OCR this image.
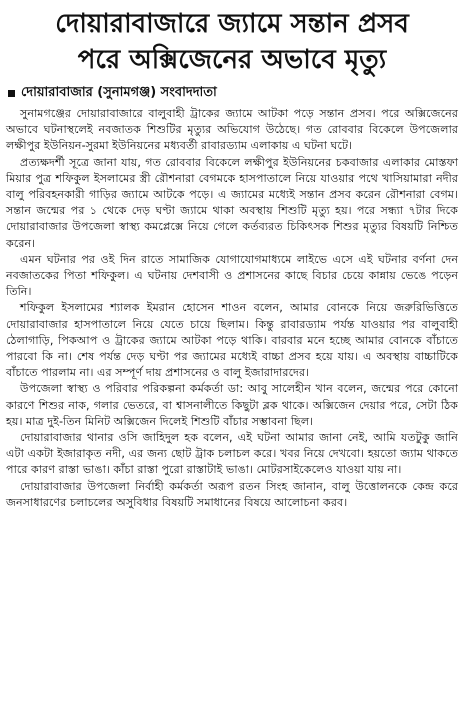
দোয়ারাবাজারে জ্যামে সন্তান প্রসব
পরে অক্সিজেনের অভাবে মৃত্যু
দোয়ারাবাজার (সুনামগঞ্জ) সংবাদদাতা

সুনামগঞ্জের দোয়ারাবাজারে বালুবাহী ট্রাকের জ্যামে আটকা পড়ে সন্তান প্রসব। পরে অক্সিজেনের অভাবে ঘটনাস্থলেই নবজাতক শিশুটির মৃত্যুর অভিযোগ উঠেছে। গত রোববার বিকেলে উপজেলার লক্ষীপুর ইউনিয়ন-সুরমা ইউনিয়নের মধ্যবর্তী রাবারড্যাম এলাকায় এ ঘটনা ঘটে।

প্রত্যক্ষদর্শী সূত্রে জানা যায়, গত রোববার বিকেলে লক্ষীপুর ইউনিয়নের চকবাজার এলাকার মোস্তফা মিয়ার পুত্র শফিকুল ইসলামের স্ত্রী রৌশনারা বেগমকে হাসপাতালে নিয়ে যাওয়ার পথে খাসিয়ামারা নদীর বালু পরিবহনকারী গাড়ির জ্যামে আটকে পড়ে। এ জ্যামের মধ্যেই সন্তান প্রসব করেন রৌশনারা বেগম। সন্তান জন্মের পর ১ থেকে দেড় ঘণ্টা জ্যামে থাকা অবস্থায় শিশুটি মৃত্যু হয়। পরে সন্ধ্যা ৭টার দিকে দোয়ারাবাজার উপজেলা স্বাস্থ্য কমপ্লেক্সে নিয়ে গেলে কর্তব্যরত চিকিৎসক শিশুর মৃত্যুর বিষয়টি নিশ্চিত করেন।

এমন ঘটনার পর ওই দিন রাতে সামাজিক যোগাযোগমাধ্যমে লাইভে এসে এই ঘটনার বর্ণনা দেন নবজাতকের পিতা শফিকুল। এ ঘটনায় দেশবাসী ও প্রশাসনের কাছে বিচার চেয়ে কান্নায় ভেঙে পড়েন তিনি।

শফিকুল ইসলামের শ্যালক ইমরান হোসেন শাওন বলেন, আমার বোনকে নিয়ে জরুরিভিত্তিতে দোয়ারাবাজার হাসপাতালে নিয়ে যেতে চায়ে ছিলাম। কিন্তু রাবারড্যাম পর্যন্ত যাওয়ার পর বালুবাহী ঠেলাগাড়ি, পিকআপ ও ট্রাকের জ্যামে আটকা পড়ে থাকি। বারবার মনে হচ্ছে আমার বোনকে বাঁচাতে পারবো কি না। শেষ পর্যন্ত দেড় ঘণ্টা পর জ্যামের মধ্যেই বাচ্চা প্রসব হয়ে যায়। এ অবস্থায় বাচ্চাটিকে বাঁচাতে পারলাম না। এর সম্পূর্ণ দায় প্রশাসনের ও বালু ইজারাদারদের।

উপজেলা স্বাস্থ্য ও পরিবার পরিকল্পনা কর্মকর্তা ডা: আবু সালেহীন খান বলেন, জন্মের পরে কোনো কারণে শিশুর নাক, গলার ভেতরে, বা শ্বাসনালীতে কিছুটা ব্লক থাকে। অক্সিজেন দেয়ার পরে, সেটা ঠিক হয়। মাত্র দুই-তিন মিনিট অক্সিজেন দিলেই শিশুটি বাঁচার সম্ভাবনা ছিল।

দোয়ারাবাজার থানার ওসি জাহিদুল হক বলেন, এই ঘটনা আমার জানা নেই, আমি যতটুকু জানি এটা একটা ইজারাকৃত নদী, এর জন্য ছোট ট্রাক চলাচল করে। খবর নিয়ে দেখবো। হয়তো জ্যাম থাকতে পারে কারণ রাস্তা ভাঙা। কাঁচা রাস্তা পুরো রাস্তাটাই ভাঙা। মোটরসাইকেলেও যাওয়া যায় না।

দোয়ারাবাজার উপজেলা নির্বাহী কর্মকর্তা অরূপ রতন সিংহ জানান, বালু উত্তোলনকে কেন্দ্র করে জনসাধারণের চলাচলের অসুবিধার বিষয়টি সমাধানের বিষয়ে আলোচনা করব।
